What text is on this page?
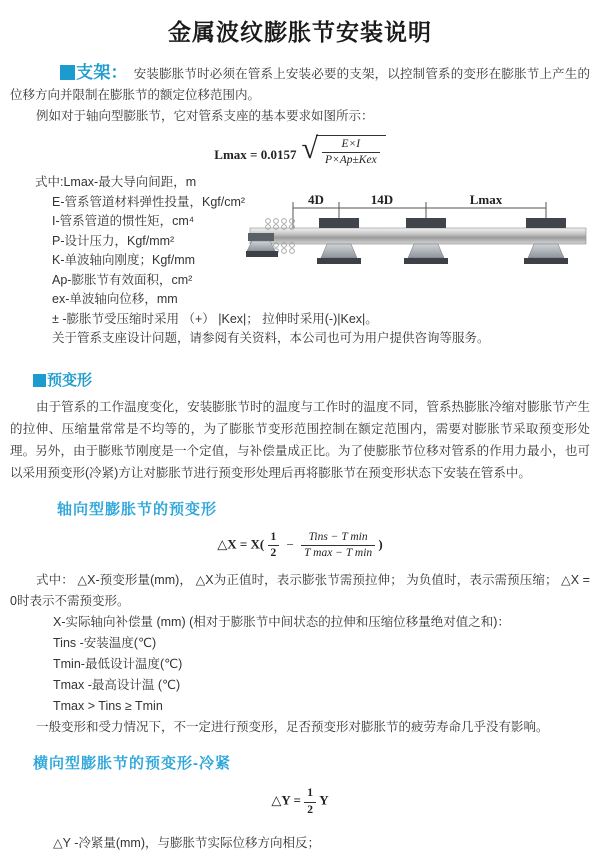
金属波纹膨胀节安装说明

支架： 安装膨胀节时必须在管系上安装必要的支架，以控制管系的变形在膨胀节上产生的位移方向并限制在膨胀节的额定位移范围内。

例如对于轴向型膨胀节，它对管系支座的基本要求如图所示：

Lmax = 0.0157 √ $\frac{E\times I}{\text{P×Ap±Kex}}$
式中:Lmax-最大导向间距，m
E-管系管道材料弹性投量，Kgf/cm²
I-管系管道的惯性矩，cm⁴
P-设计压力，Kgf/mm²
K-单波轴向刚度；Kgf/mm
Ap-膨胀节有效面积，cm²
ex-单波轴向位移，mm
± -膨胀节受压缩时采用 （+） |Kex|； 拉伸时采用(-)|Kex|。
关于管系支座设计问题，请参阅有关资料，本公司也可为用户提供咨询等服务。
4D	14D	Lmax
预变形

由于管系的工作温度变化，安装膨胀节时的温度与工作时的温度不同，管系热膨胀冷缩对膨胀节产生的拉伸、压缩量常常是不均等的，为了膨胀节变形范围控制在额定范围内，需要对膨胀节采取预变形处理。另外，由于膨账节刚度是一个定值，与补偿量成正比。为了使膨胀节位移对管系的作用力最小，也可以采用预变形(冷紧)方让对膨胀节进行预变形处理后再将膨胀节在预变形状态下安装在管系中。

轴向型膨胀节的预变形
△X = $X( \frac{1}{2} - \frac{\text{Tins − T min}}{\text{T max − T min}}$ )

式中： △X-预变形量(mm)， △X为正值时，表示膨张节需预拉伸； 为负值时，表示需预压缩； △X = 0时表示不需预变形。

X-实际轴向补偿量 (mm) (相对于膨胀节中间状态的拉伸和压缩位移量绝对值之和)：
Tins -安装温度(℃)
Tmin-最低设计温度(℃)
Tmax -最高设计温 (℃)
Tmax > Tins ≥ Tmin

一般变形和受力情况下，不一定进行预变形，足否预变形对膨胀节的疲劳寿命几乎没有影响。

横向型膨胀节的预变形-冷紧
△Y = $\frac{1}{2}$ Y
△Y -冷紧量(mm)，与膨胀节实际位移方向相反；
